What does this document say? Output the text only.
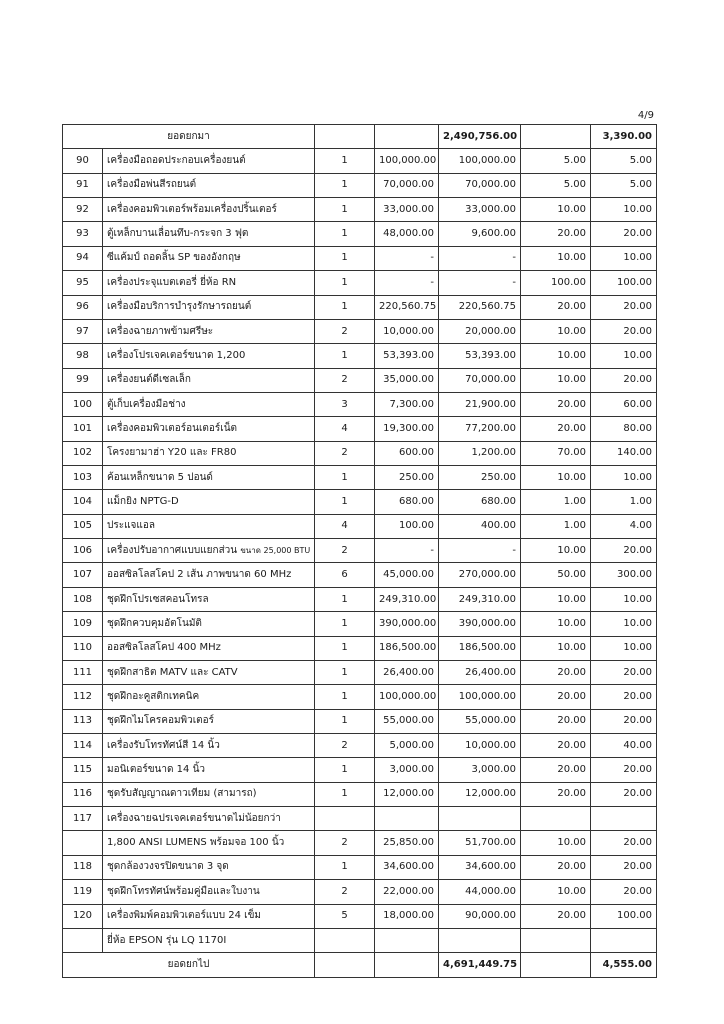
4/9
ยอดยกมา				2,490,756.00		3,390.00
90	เครื่องมือถอดประกอบเครื่องยนต์	1	100,000.00	100,000.00	5.00	5.00
91	เครื่องมือพ่นสีรถยนต์	1	70,000.00	70,000.00	5.00	5.00
92	เครื่องคอมพิวเตอร์พร้อมเครื่องปริ้นเตอร์	1	33,000.00	33,000.00	10.00	10.00
93	ตู้เหล็กบานเลื่อนทึบ-กระจก 3 ฟุต	1	48,000.00	9,600.00	20.00	20.00
94	ซีแค้มป์ ถอดลิ้น SP ของอังกฤษ	1	-	-	10.00	10.00
95	เครื่องประจุแบตเตอรี่ ยี่ห้อ RN	1	-	-	100.00	100.00
96	เครื่องมือบริการบำรุงรักษารถยนต์	1	220,560.75	220,560.75	20.00	20.00
97	เครื่องฉายภาพข้ามศรีษะ	2	10,000.00	20,000.00	10.00	20.00
98	เครื่องโปรเจคเตอร์ขนาด 1,200	1	53,393.00	53,393.00	10.00	10.00
99	เครื่องยนต์ดีเซลเล็ก	2	35,000.00	70,000.00	10.00	20.00
100	ตู้เก็บเครื่องมือช่าง	3	7,300.00	21,900.00	20.00	60.00
101	เครื่องคอมพิวเตอร์อนเตอร์เน็ต	4	19,300.00	77,200.00	20.00	80.00
102	โครงยามาฮ่า Y20 และ FR80	2	600.00	1,200.00	70.00	140.00
103	ค้อนเหล็กขนาด 5 ปอนด์	1	250.00	250.00	10.00	10.00
104	แม็กยิง NPTG-D	1	680.00	680.00	1.00	1.00
105	ประแจแอล	4	100.00	400.00	1.00	4.00
106	เครื่องปรับอากาศแบบแยกส่วน ขนาด 25,000 BTU	2	-	-	10.00	20.00
107	ออสซิลโลสโคป 2 เส้น ภาพขนาด 60 MHz	6	45,000.00	270,000.00	50.00	300.00
108	ชุดฝึกโปรเซสคอนโทรล	1	249,310.00	249,310.00	10.00	10.00
109	ชุดฝึกควบคุมอัตโนมัติ	1	390,000.00	390,000.00	10.00	10.00
110	ออสซิลโลสโคป 400 MHz	1	186,500.00	186,500.00	10.00	10.00
111	ชุดฝึกสาธิต MATV และ CATV	1	26,400.00	26,400.00	20.00	20.00
112	ชุดฝึกอะคูสติกเทคนิค	1	100,000.00	100,000.00	20.00	20.00
113	ชุดฝึกไมโครคอมพิวเตอร์	1	55,000.00	55,000.00	20.00	20.00
114	เครื่องรับโทรทัศน์สี 14 นิ้ว	2	5,000.00	10,000.00	20.00	40.00
115	มอนิเตอร์ขนาด 14 นิ้ว	1	3,000.00	3,000.00	20.00	20.00
116	ชุดรับสัญญาณดาวเทียม (สามารถ)	1	12,000.00	12,000.00	20.00	20.00
117	เครื่องฉายฉปรเจคเตอร์ขนาดไม่น้อยกว่า					
	1,800 ANSI LUMENS พร้อมจอ 100 นิ้ว	2	25,850.00	51,700.00	10.00	20.00
118	ชุดกล้องวงจรปิดขนาด 3 จุด	1	34,600.00	34,600.00	20.00	20.00
119	ชุดฝึกโทรทัศน์พร้อมคู่มือและใบงาน	2	22,000.00	44,000.00	10.00	20.00
120	เครื่องพิมพ์คอมพิวเตอร์แบบ 24 เข็ม	5	18,000.00	90,000.00	20.00	100.00
	ยี่ห้อ EPSON รุ่น LQ 1170I					
ยอดยกไป				4,691,449.75		4,555.00
